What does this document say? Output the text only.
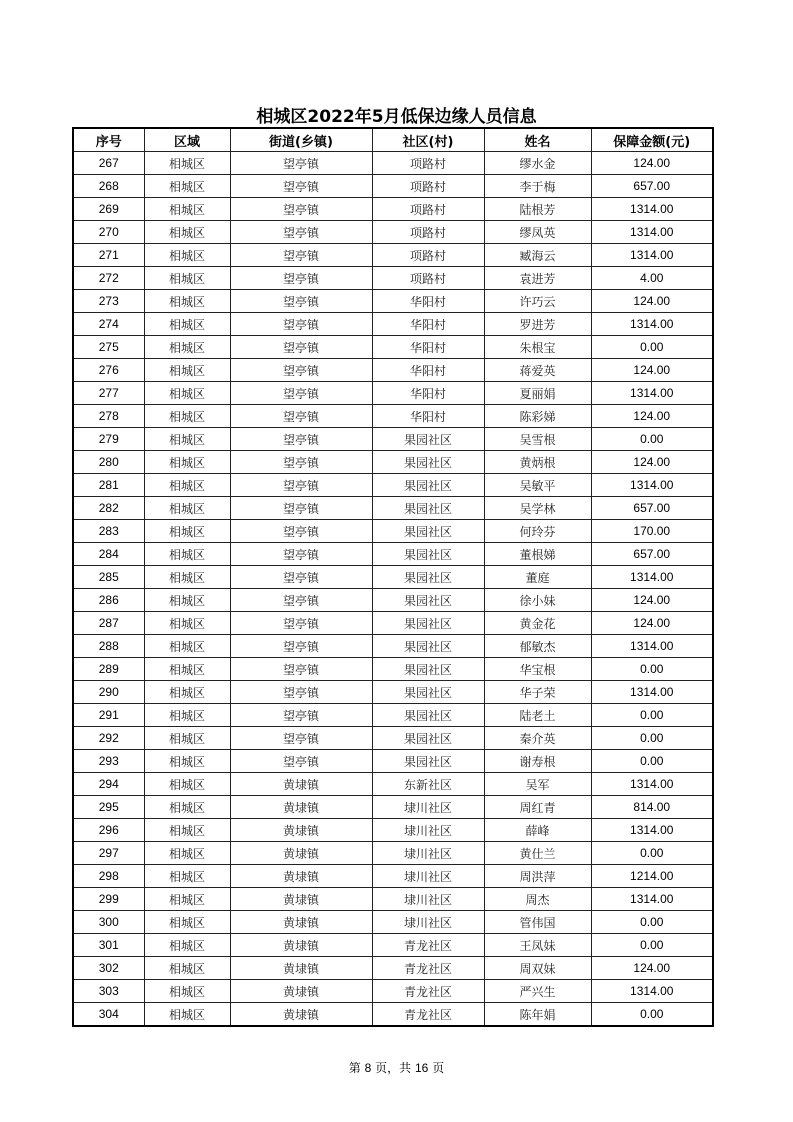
相城区2022年5月低保边缘人员信息
序号	区域	街道(乡镇)	社区(村)	姓名	保障金额(元)
267	相城区	望亭镇	项路村	缪水金	124.00
268	相城区	望亭镇	项路村	李于梅	657.00
269	相城区	望亭镇	项路村	陆根芳	1314.00
270	相城区	望亭镇	项路村	缪凤英	1314.00
271	相城区	望亭镇	项路村	臧海云	1314.00
272	相城区	望亭镇	项路村	袁进芳	4.00
273	相城区	望亭镇	华阳村	许巧云	124.00
274	相城区	望亭镇	华阳村	罗进芳	1314.00
275	相城区	望亭镇	华阳村	朱根宝	0.00
276	相城区	望亭镇	华阳村	蒋爱英	124.00
277	相城区	望亭镇	华阳村	夏丽娟	1314.00
278	相城区	望亭镇	华阳村	陈彩娣	124.00
279	相城区	望亭镇	果园社区	吴雪根	0.00
280	相城区	望亭镇	果园社区	黄炳根	124.00
281	相城区	望亭镇	果园社区	吴敏平	1314.00
282	相城区	望亭镇	果园社区	吴学林	657.00
283	相城区	望亭镇	果园社区	何玲芬	170.00
284	相城区	望亭镇	果园社区	董根娣	657.00
285	相城区	望亭镇	果园社区	董庭	1314.00
286	相城区	望亭镇	果园社区	徐小妹	124.00
287	相城区	望亭镇	果园社区	黄金花	124.00
288	相城区	望亭镇	果园社区	郁敏杰	1314.00
289	相城区	望亭镇	果园社区	华宝根	0.00
290	相城区	望亭镇	果园社区	华子荣	1314.00
291	相城区	望亭镇	果园社区	陆老土	0.00
292	相城区	望亭镇	果园社区	秦介英	0.00
293	相城区	望亭镇	果园社区	谢寿根	0.00
294	相城区	黄埭镇	东新社区	吴军	1314.00
295	相城区	黄埭镇	埭川社区	周红青	814.00
296	相城区	黄埭镇	埭川社区	薛峰	1314.00
297	相城区	黄埭镇	埭川社区	黄仕兰	0.00
298	相城区	黄埭镇	埭川社区	周洪萍	1214.00
299	相城区	黄埭镇	埭川社区	周杰	1314.00
300	相城区	黄埭镇	埭川社区	管伟国	0.00
301	相城区	黄埭镇	青龙社区	王凤妹	0.00
302	相城区	黄埭镇	青龙社区	周双妹	124.00
303	相城区	黄埭镇	青龙社区	严兴生	1314.00
304	相城区	黄埭镇	青龙社区	陈年娟	0.00
第 8 页，共 16 页
